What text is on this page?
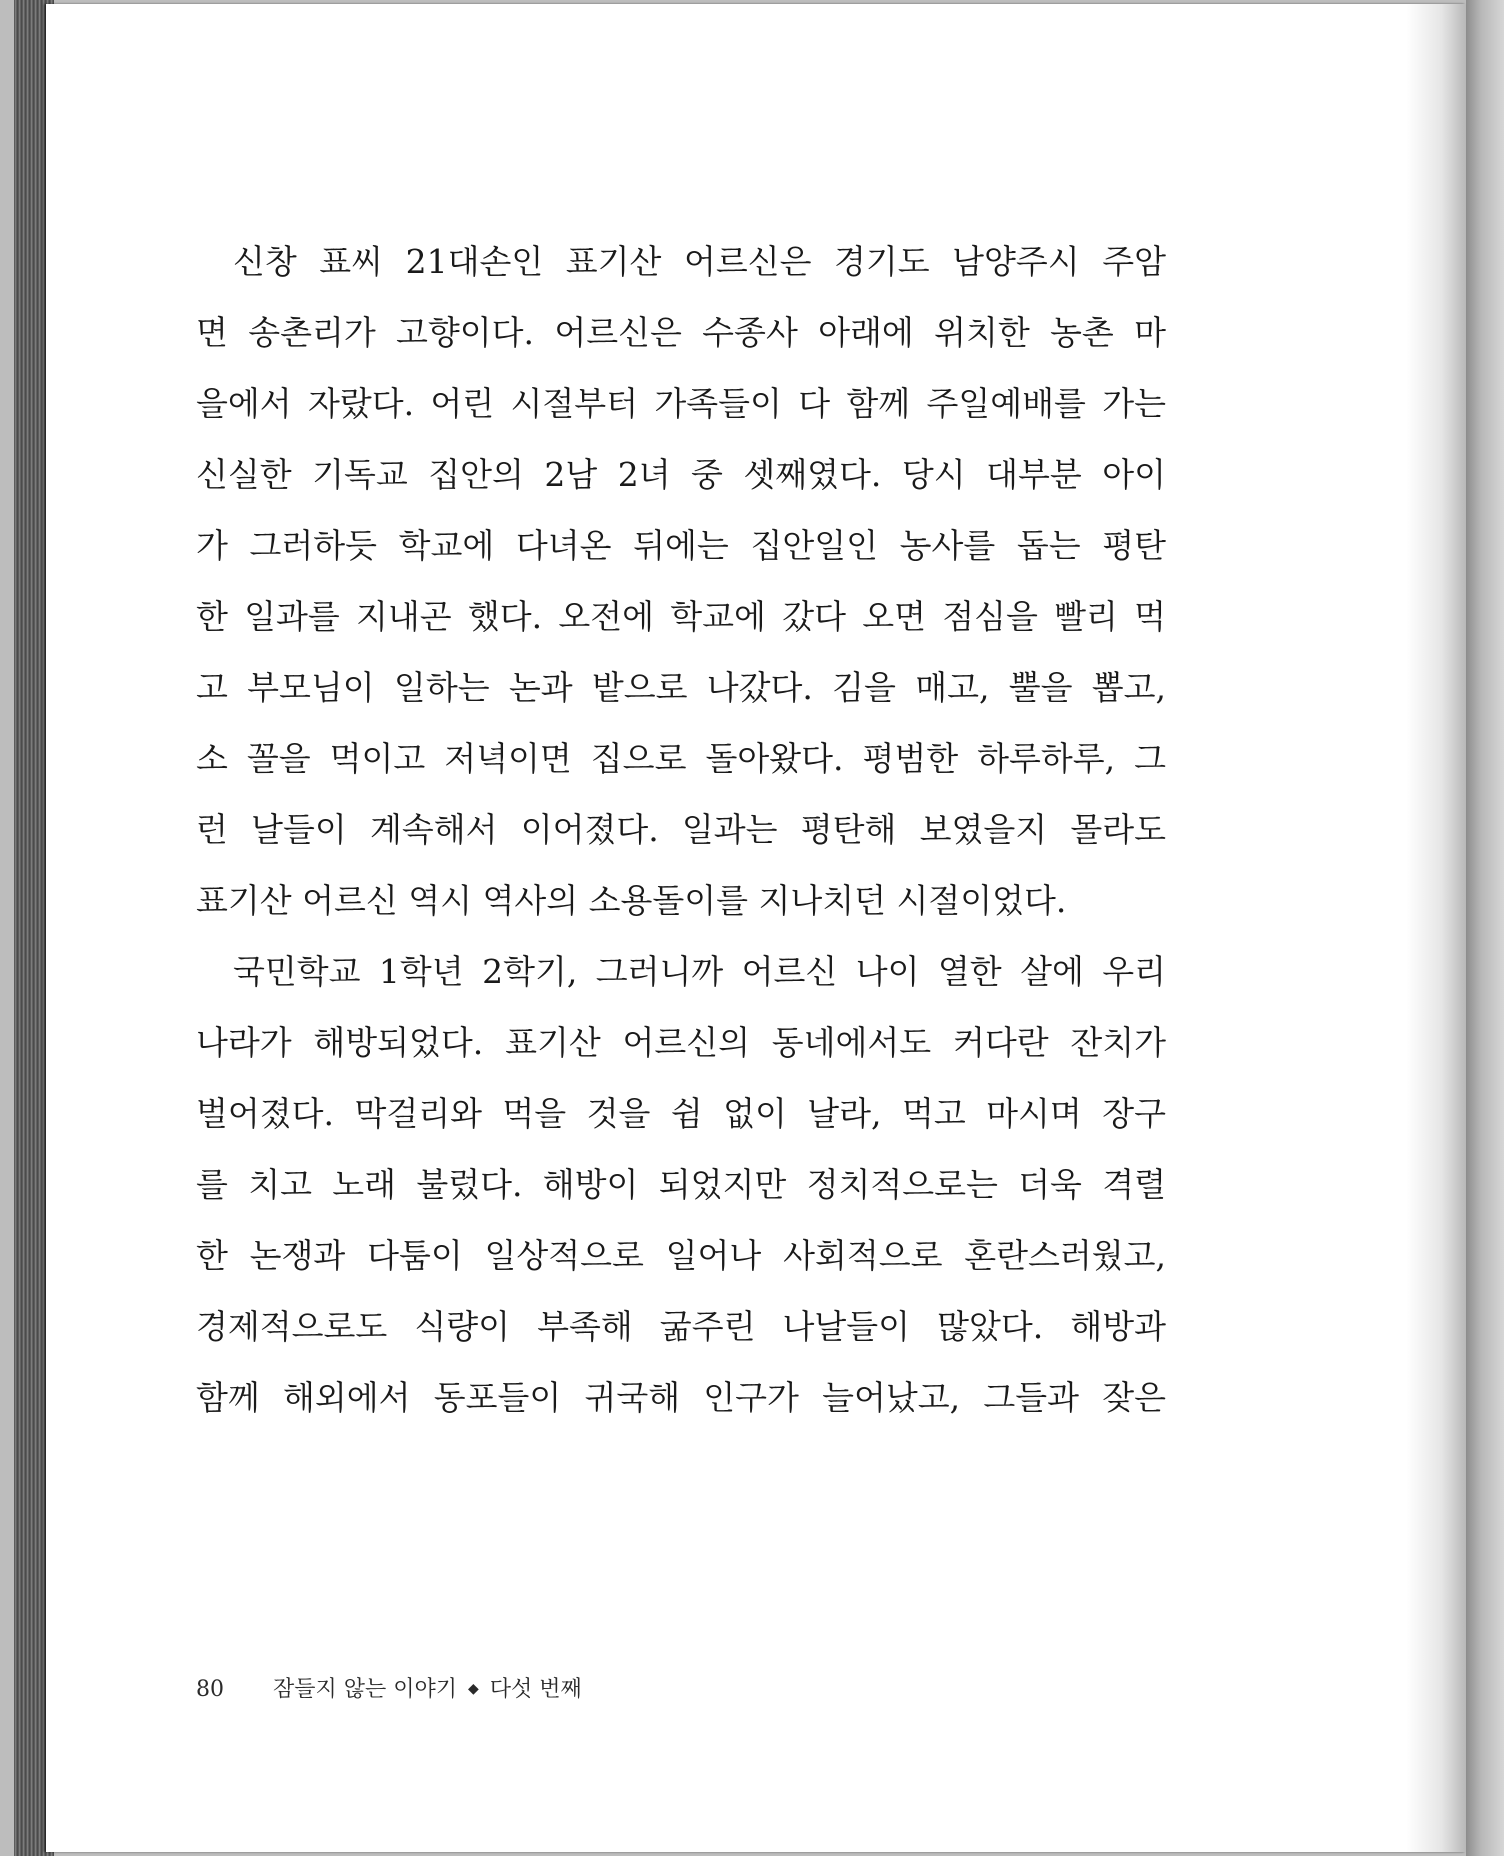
신창 표씨 21대손인 표기산 어르신은 경기도 남양주시 주암
면 송촌리가 고향이다. 어르신은 수종사 아래에 위치한 농촌 마
을에서 자랐다. 어린 시절부터 가족들이 다 함께 주일예배를 가는
신실한 기독교 집안의 2남 2녀 중 셋째였다. 당시 대부분 아이
가 그러하듯 학교에 다녀온 뒤에는 집안일인 농사를 돕는 평탄
한 일과를 지내곤 했다. 오전에 학교에 갔다 오면 점심을 빨리 먹
고 부모님이 일하는 논과 밭으로 나갔다. 김을 매고, 뿔을 뽑고,
소 꼴을 먹이고 저녁이면 집으로 돌아왔다. 평범한 하루하루, 그
런 날들이 계속해서 이어졌다. 일과는 평탄해 보였을지 몰라도
표기산 어르신 역시 역사의 소용돌이를 지나치던 시절이었다.
국민학교 1학년 2학기, 그러니까 어르신 나이 열한 살에 우리
나라가 해방되었다. 표기산 어르신의 동네에서도 커다란 잔치가
벌어졌다. 막걸리와 먹을 것을 쉼 없이 날라, 먹고 마시며 장구
를 치고 노래 불렀다. 해방이 되었지만 정치적으로는 더욱 격렬
한 논쟁과 다툼이 일상적으로 일어나 사회적으로 혼란스러웠고,
경제적으로도 식량이 부족해 굶주린 나날들이 많았다. 해방과
함께 해외에서 동포들이 귀국해 인구가 늘어났고, 그들과 잦은
80 잠들지 않는 이야기 ◆ 다섯 번째
